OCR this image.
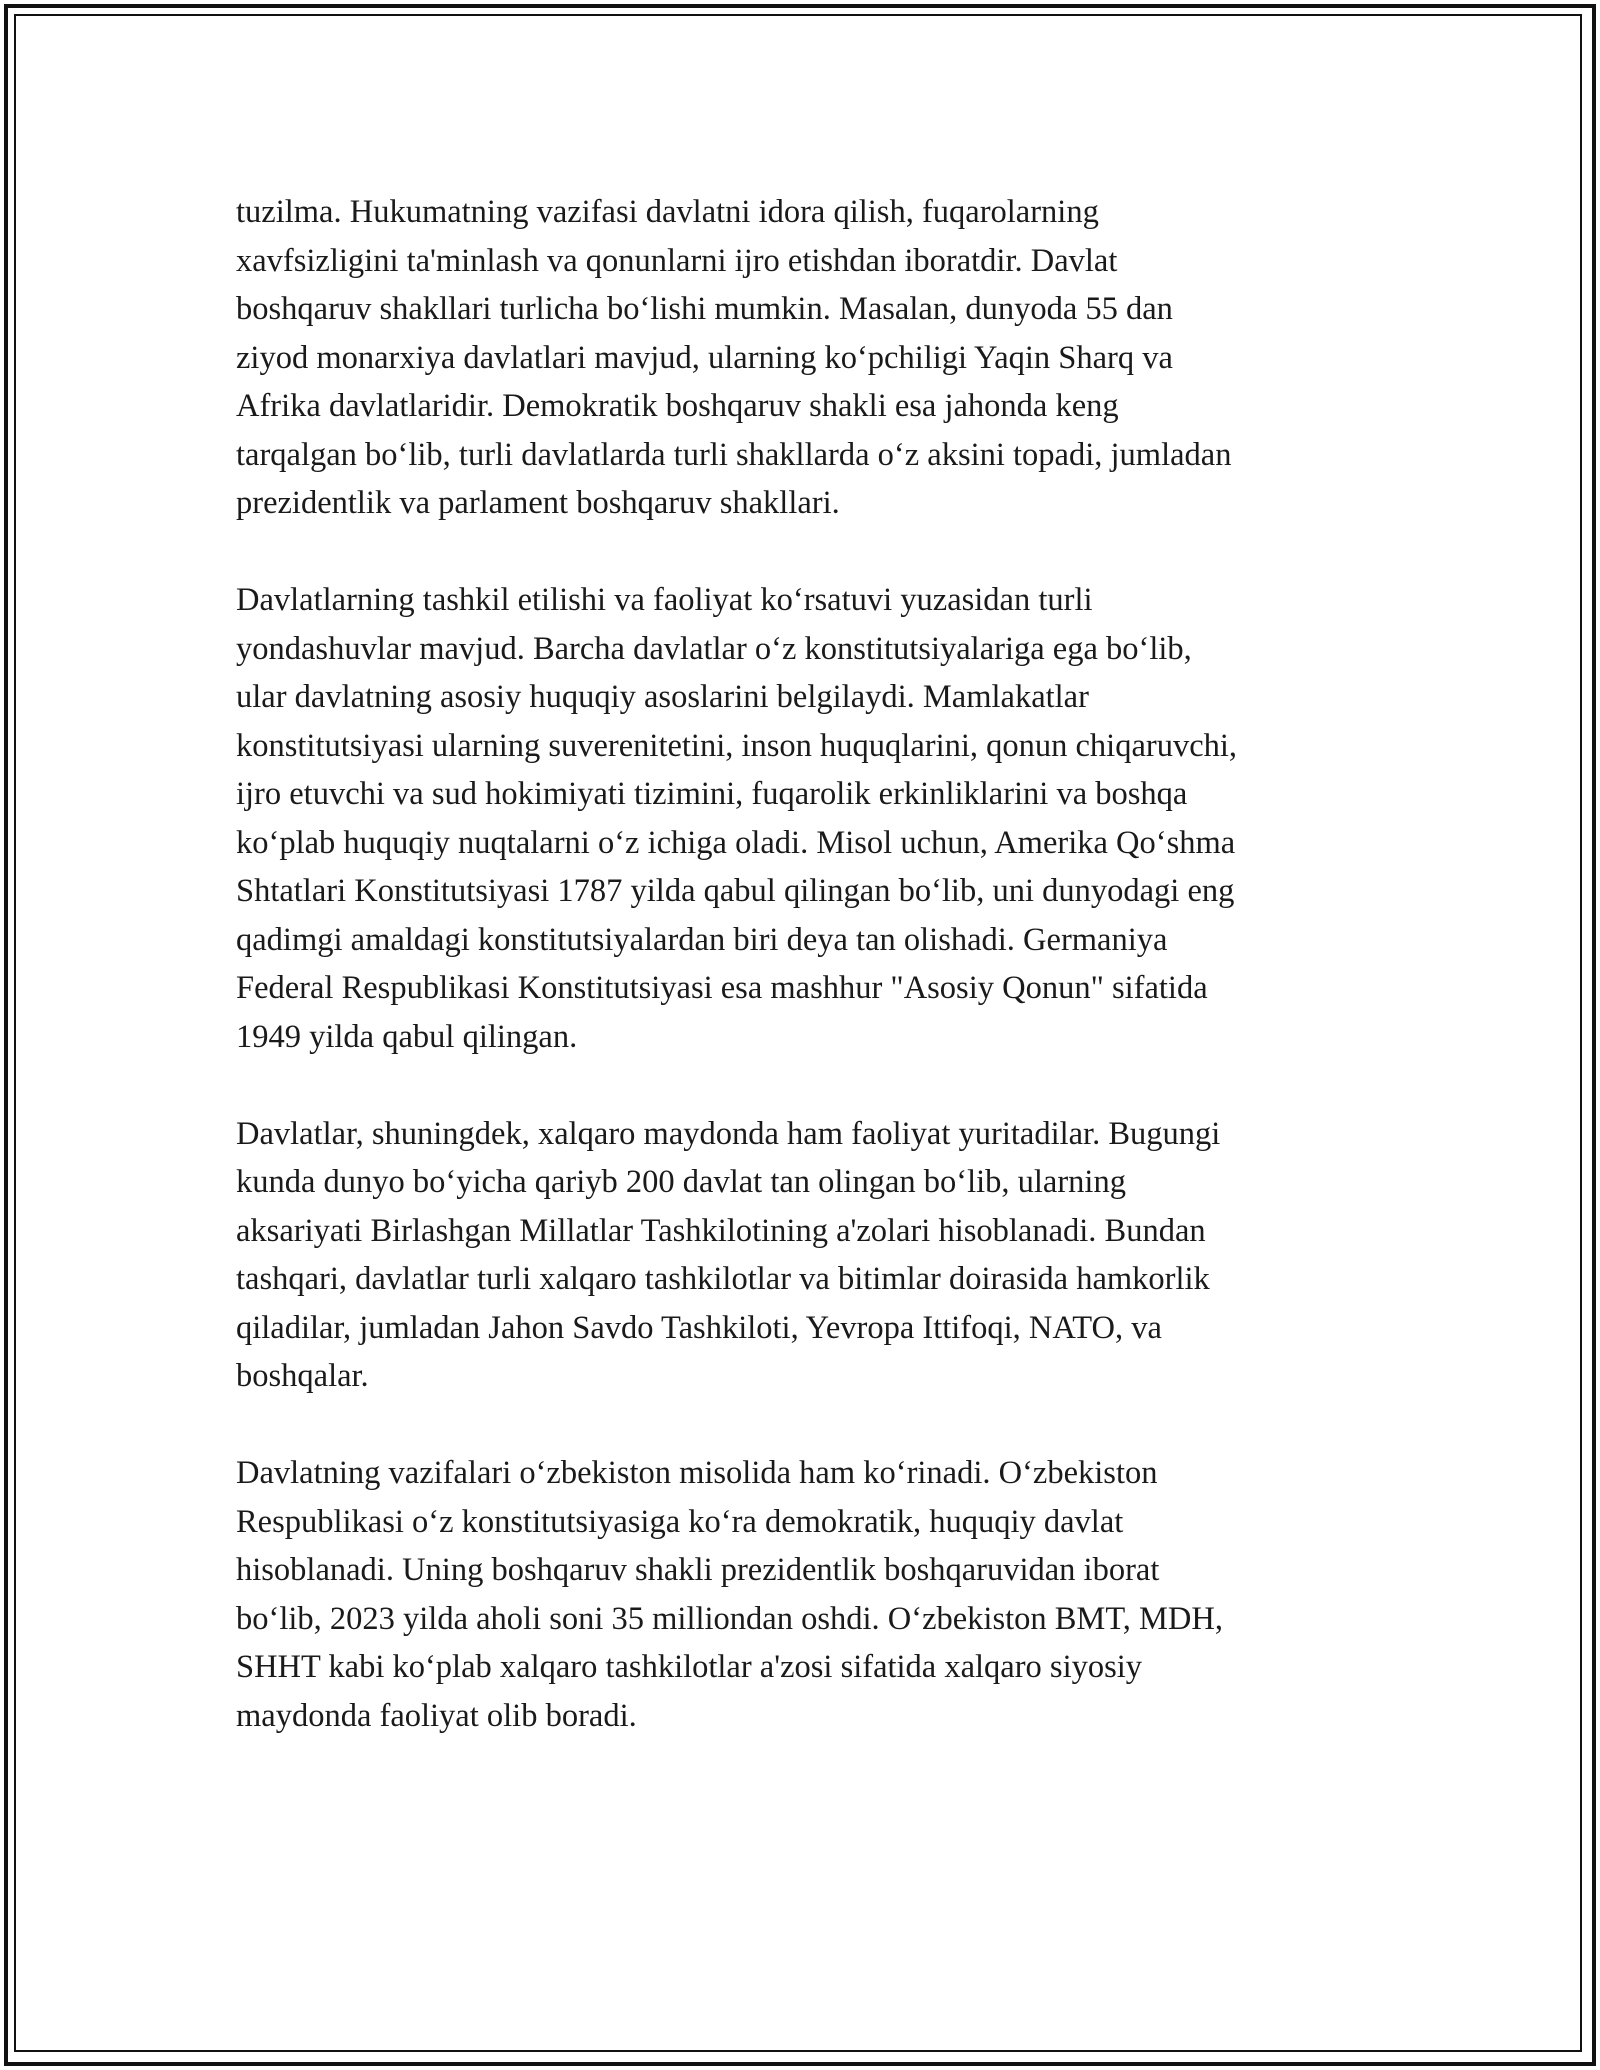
tuzilma. Hukumatning vazifasi davlatni idora qilish, fuqarolarning
xavfsizligini ta'minlash va qonunlarni ijro etishdan iboratdir. Davlat
boshqaruv shakllari turlicha bo‘lishi mumkin. Masalan, dunyoda 55 dan
ziyod monarxiya davlatlari mavjud, ularning ko‘pchiligi Yaqin Sharq va
Afrika davlatlaridir. Demokratik boshqaruv shakli esa jahonda keng
tarqalgan bo‘lib, turli davlatlarda turli shakllarda o‘z aksini topadi, jumladan
prezidentlik va parlament boshqaruv shakllari.

Davlatlarning tashkil etilishi va faoliyat ko‘rsatuvi yuzasidan turli
yondashuvlar mavjud. Barcha davlatlar o‘z konstitutsiyalariga ega bo‘lib,
ular davlatning asosiy huquqiy asoslarini belgilaydi. Mamlakatlar
konstitutsiyasi ularning suverenitetini, inson huquqlarini, qonun chiqaruvchi,
ijro etuvchi va sud hokimiyati tizimini, fuqarolik erkinliklarini va boshqa
ko‘plab huquqiy nuqtalarni o‘z ichiga oladi. Misol uchun, Amerika Qo‘shma
Shtatlari Konstitutsiyasi 1787 yilda qabul qilingan bo‘lib, uni dunyodagi eng
qadimgi amaldagi konstitutsiyalardan biri deya tan olishadi. Germaniya
Federal Respublikasi Konstitutsiyasi esa mashhur "Asosiy Qonun" sifatida
1949 yilda qabul qilingan.

Davlatlar, shuningdek, xalqaro maydonda ham faoliyat yuritadilar. Bugungi
kunda dunyo bo‘yicha qariyb 200 davlat tan olingan bo‘lib, ularning
aksariyati Birlashgan Millatlar Tashkilotining a'zolari hisoblanadi. Bundan
tashqari, davlatlar turli xalqaro tashkilotlar va bitimlar doirasida hamkorlik
qiladilar, jumladan Jahon Savdo Tashkiloti, Yevropa Ittifoqi, NATO, va
boshqalar.

Davlatning vazifalari o‘zbekiston misolida ham ko‘rinadi. O‘zbekiston
Respublikasi o‘z konstitutsiyasiga ko‘ra demokratik, huquqiy davlat
hisoblanadi. Uning boshqaruv shakli prezidentlik boshqaruvidan iborat
bo‘lib, 2023 yilda aholi soni 35 milliondan oshdi. O‘zbekiston BMT, MDH,
SHHT kabi ko‘plab xalqaro tashkilotlar a'zosi sifatida xalqaro siyosiy
maydonda faoliyat olib boradi.
